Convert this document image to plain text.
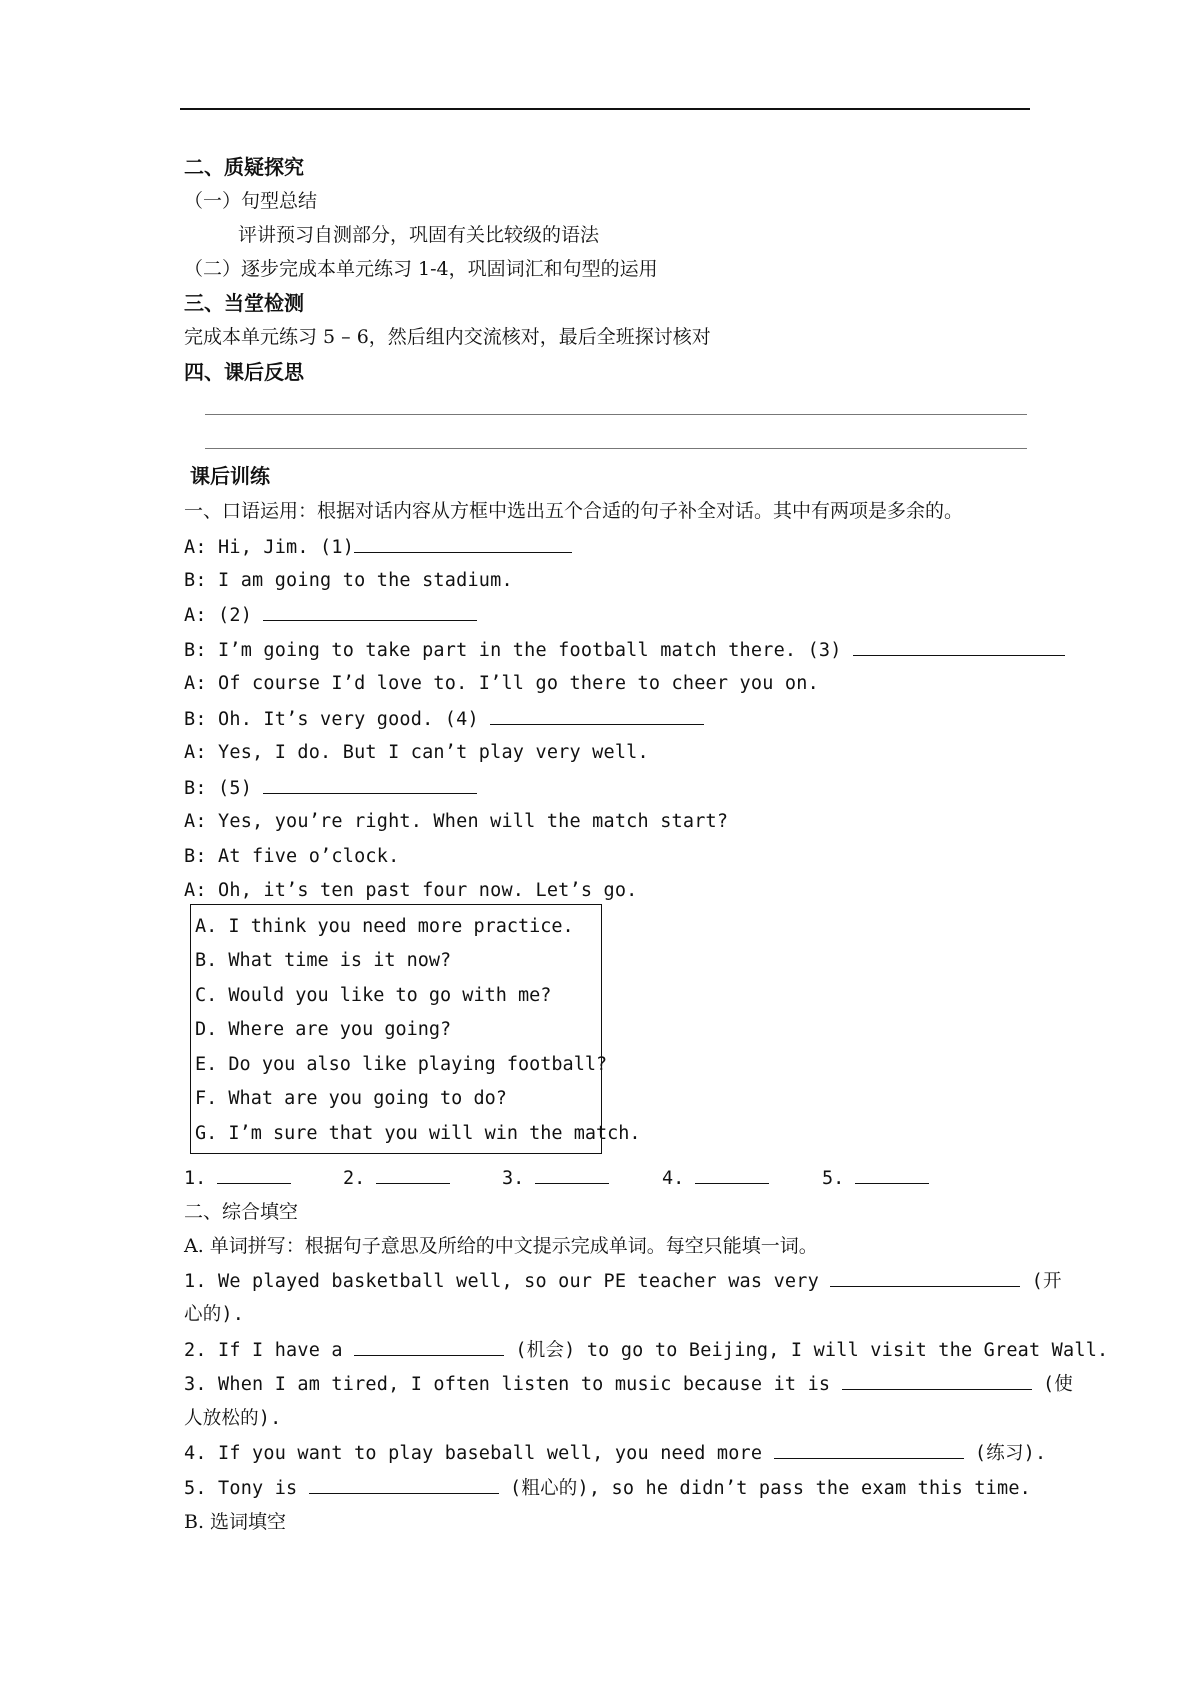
二、质疑探究
（一）句型总结
评讲预习自测部分，巩固有关比较级的语法
（二）逐步完成本单元练习 1-4，巩固词汇和句型的运用
三、当堂检测
完成本单元练习 5 – 6，然后组内交流核对，最后全班探讨核对
四、课后反思
课后训练
一、口语运用：根据对话内容从方框中选出五个合适的句子补全对话。其中有两项是多余的。
A: Hi, Jim. (1)
B: I am going to the stadium.
A: (2)
B: I’m going to take part in the football match there. (3)
A: Of course I’d love to. I’ll go there to cheer you on.
B: Oh. It’s very good. (4)
A: Yes, I do. But I can’t play very well.
B: (5)
A: Yes, you’re right. When will the match start?
B: At five o’clock.
A: Oh, it’s ten past four now. Let’s go.
A. I think you need more practice.
B. What time is it now?
C. Would you like to go with me?
D. Where are you going?
E. Do you also like playing football?
F. What are you going to do?
G. I’m sure that you will win the match.
1.	2.	3.	4.	5.
二、综合填空
A. 单词拼写：根据句子意思及所给的中文提示完成单词。每空只能填一词。
1. We played basketball well, so our PE teacher was very	(开
心的).
2. If I have a	(机会) to go to Beijing, I will visit the Great Wall.
3. When I am tired, I often listen to music because it is	(使
人放松的).
4. If you want to play baseball well, you need more	(练习).
5. Tony is	(粗心的), so he didn’t pass the exam this time.
B. 选词填空
